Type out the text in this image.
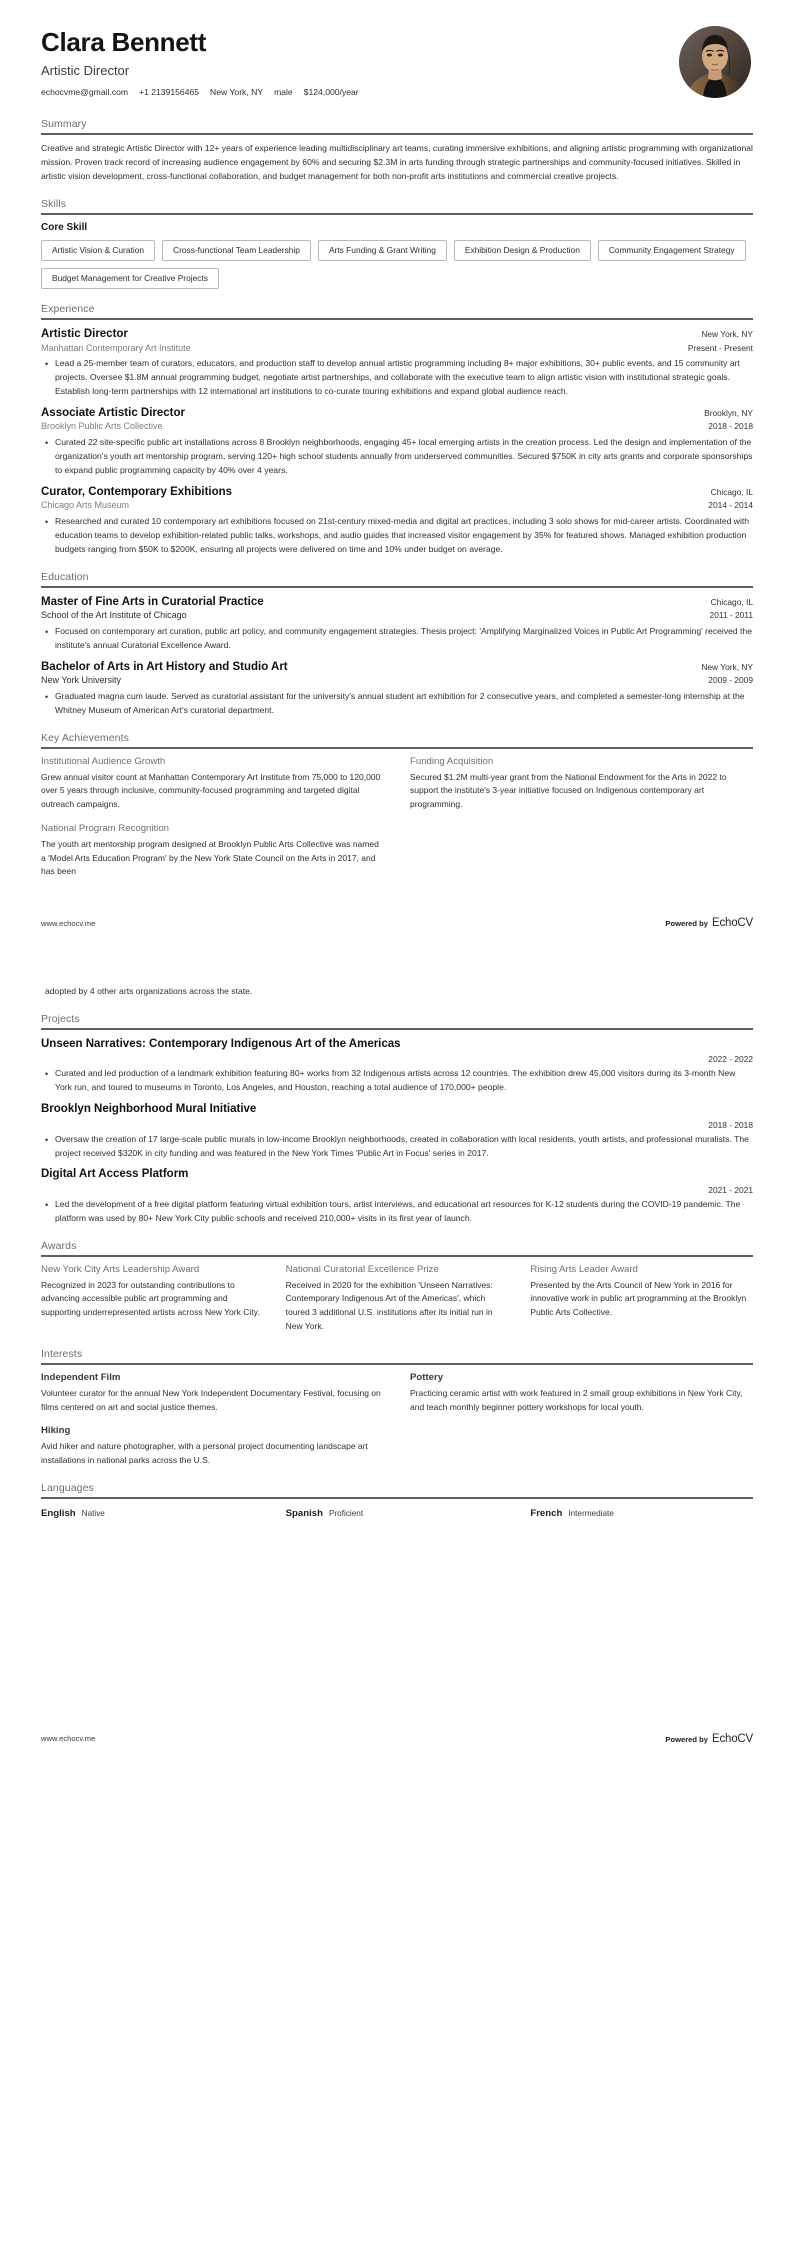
Clara Bennett
Artistic Director
echocvme@gmail.com +1 2139156465 New York, NY male $124,000/year
Summary
Creative and strategic Artistic Director with 12+ years of experience leading multidisciplinary art teams, curating immersive exhibitions, and aligning artistic programming with organizational mission. Proven track record of increasing audience engagement by 60% and securing $2.3M in arts funding through strategic partnerships and community-focused initiatives. Skilled in artistic vision development, cross-functional collaboration, and budget management for both non-profit arts institutions and commercial creative projects.
Skills
Core Skill
Artistic Vision & Curation	Cross-functional Team Leadership	Arts Funding & Grant Writing	Exhibition Design & Production	Community Engagement Strategy
Budget Management for Creative Projects
Experience
Artistic Director	New York, NY
Manhattan Contemporary Art Institute	Present - Present
• Lead a 25-member team of curators, educators, and production staff to develop annual artistic programming including 8+ major exhibitions, 30+ public events, and 15 community art projects. Oversee $1.8M annual programming budget, negotiate artist partnerships, and collaborate with the executive team to align artistic vision with institutional strategic goals. Establish long-term partnerships with 12 international art institutions to co-curate touring exhibitions and expand global audience reach.
Associate Artistic Director	Brooklyn, NY
Brooklyn Public Arts Collective	2018 - 2018
• Curated 22 site-specific public art installations across 8 Brooklyn neighborhoods, engaging 45+ local emerging artists in the creation process. Led the design and implementation of the organization's youth art mentorship program, serving 120+ high school students annually from underserved communities. Secured $750K in city arts grants and corporate sponsorships to expand public programming capacity by 40% over 4 years.
Curator, Contemporary Exhibitions	Chicago, IL
Chicago Arts Museum	2014 - 2014
• Researched and curated 10 contemporary art exhibitions focused on 21st-century mixed-media and digital art practices, including 3 solo shows for mid-career artists. Coordinated with education teams to develop exhibition-related public talks, workshops, and audio guides that increased visitor engagement by 35% for featured shows. Managed exhibition production budgets ranging from $50K to $200K, ensuring all projects were delivered on time and 10% under budget on average.
Education
Master of Fine Arts in Curatorial Practice	Chicago, IL
School of the Art Institute of Chicago	2011 - 2011
• Focused on contemporary art curation, public art policy, and community engagement strategies. Thesis project: 'Amplifying Marginalized Voices in Public Art Programming' received the institute's annual Curatorial Excellence Award.
Bachelor of Arts in Art History and Studio Art	New York, NY
New York University	2009 - 2009
• Graduated magna cum laude. Served as curatorial assistant for the university's annual student art exhibition for 2 consecutive years, and completed a semester-long internship at the Whitney Museum of American Art's curatorial department.
Key Achievements
Institutional Audience Growth
Grew annual visitor count at Manhattan Contemporary Art Institute from 75,000 to 120,000 over 5 years through inclusive, community-focused programming and targeted digital outreach campaigns.
Funding Acquisition
Secured $1.2M multi-year grant from the National Endowment for the Arts in 2022 to support the institute's 3-year initiative focused on Indigenous contemporary art programming.
National Program Recognition
The youth art mentorship program designed at Brooklyn Public Arts Collective was named a 'Model Arts Education Program' by the New York State Council on the Arts in 2017, and has been
www.echocv.me	Powered by EchoCV
adopted by 4 other arts organizations across the state.
Projects
Unseen Narratives: Contemporary Indigenous Art of the Americas
2022 - 2022
• Curated and led production of a landmark exhibition featuring 80+ works from 32 Indigenous artists across 12 countries. The exhibition drew 45,000 visitors during its 3-month New York run, and toured to museums in Toronto, Los Angeles, and Houston, reaching a total audience of 170,000+ people.
Brooklyn Neighborhood Mural Initiative
2018 - 2018
• Oversaw the creation of 17 large-scale public murals in low-income Brooklyn neighborhoods, created in collaboration with local residents, youth artists, and professional muralists. The project received $320K in city funding and was featured in the New York Times 'Public Art in Focus' series in 2017.
Digital Art Access Platform
2021 - 2021
• Led the development of a free digital platform featuring virtual exhibition tours, artist interviews, and educational art resources for K-12 students during the COVID-19 pandemic. The platform was used by 80+ New York City public schools and received 210,000+ visits in its first year of launch.
Awards
New York City Arts Leadership Award
Recognized in 2023 for outstanding contributions to advancing accessible public art programming and supporting underrepresented artists across New York City.
National Curatorial Excellence Prize
Received in 2020 for the exhibition 'Unseen Narratives: Contemporary Indigenous Art of the Americas', which toured 3 additional U.S. institutions after its initial run in New York.
Rising Arts Leader Award
Presented by the Arts Council of New York in 2016 for innovative work in public art programming at the Brooklyn Public Arts Collective.
Interests
Independent Film
Volunteer curator for the annual New York Independent Documentary Festival, focusing on films centered on art and social justice themes.
Pottery
Practicing ceramic artist with work featured in 2 small group exhibitions in New York City, and teach monthly beginner pottery workshops for local youth.
Hiking
Avid hiker and nature photographer, with a personal project documenting landscape art installations in national parks across the U.S.
Languages
English Native	Spanish Proficient	French Intermediate
www.echocv.me	Powered by EchoCV
